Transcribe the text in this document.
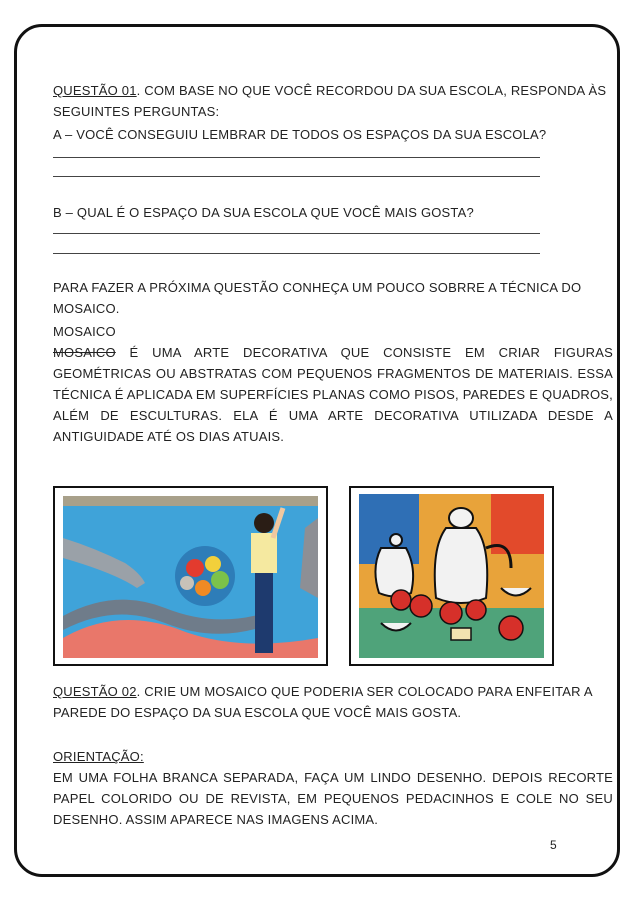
QUESTÃO 01. COM BASE NO QUE VOCÊ RECORDOU DA SUA ESCOLA, RESPONDA ÀS SEGUINTES PERGUNTAS:
A – VOCÊ CONSEGUIU LEMBRAR DE TODOS OS ESPAÇOS DA SUA ESCOLA?
B – QUAL É O ESPAÇO DA SUA ESCOLA QUE VOCÊ MAIS GOSTA?
PARA FAZER A PRÓXIMA QUESTÃO CONHEÇA UM POUCO SOBRRE A TÉCNICA DO MOSAICO.
MOSAICO
MOSAICO É UMA ARTE DECORATIVA QUE CONSISTE EM CRIAR FIGURAS GEOMÉTRICAS OU ABSTRATAS COM PEQUENOS FRAGMENTOS DE MATERIAIS. ESSA TÉCNICA É APLICADA EM SUPERFÍCIES PLANAS COMO PISOS, PAREDES E QUADROS, ALÉM DE ESCULTURAS. ELA É UMA ARTE DECORATIVA UTILIZADA DESDE A ANTIGUIDADE ATÉ OS DIAS ATUAIS.
QUESTÃO 02. CRIE UM MOSAICO QUE PODERIA SER COLOCADO PARA ENFEITAR A PAREDE DO ESPAÇO DA SUA ESCOLA QUE VOCÊ MAIS GOSTA.
ORIENTAÇÃO:
EM UMA FOLHA BRANCA SEPARADA, FAÇA UM LINDO DESENHO. DEPOIS RECORTE PAPEL COLORIDO OU DE REVISTA, EM PEQUENOS PEDACINHOS E COLE NO SEU DESENHO. ASSIM APARECE NAS IMAGENS ACIMA.
5
